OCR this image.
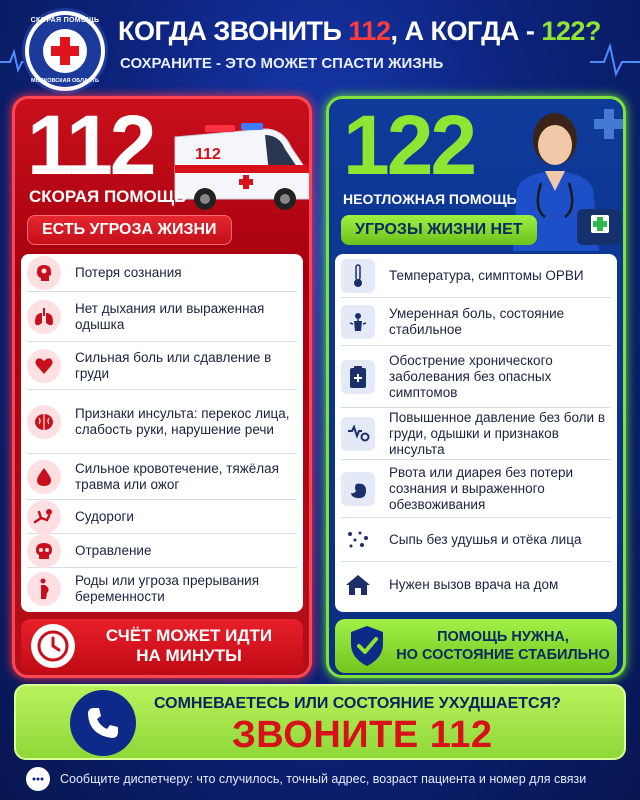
СКОРАЯ ПОМОЩЬ
МОСКОВСКАЯ ОБЛАСТЬ
КОГДА ЗВОНИТЬ 112, А КОГДА - 122?
СОХРАНИТЕ - ЭТО МОЖЕТ СПАСТИ ЖИЗНЬ
112	112
СКОРАЯ ПОМОЩЬ
ЕСТЬ УГРОЗА ЖИЗНИ
Потеря сознания
Нет дыхания или выраженная одышка
Сильная боль или сдавление в груди
Признаки инсульта: перекос лица, слабость руки, нарушение речи
Сильное кровотечение, тяжёлая травма или ожог
Судороги
Отравление
Роды или угроза прерывания беременности
СЧЁТ МОЖЕТ ИДТИ
НА МИНУТЫ
122
НЕОТЛОЖНАЯ ПОМОЩЬ
УГРОЗЫ ЖИЗНИ НЕТ
Температура, симптомы ОРВИ
Умеренная боль, состояние стабильное
Обострение хронического заболевания без опасных симптомов
Повышенное давление без боли в груди, одышки и признаков инсульта
Рвота или диарея без потери сознания и выраженного обезвоживания
Сыпь без удушья и отёка лица
Нужен вызов врача на дом
ПОМОЩЬ НУЖНА,
НО СОСТОЯНИЕ СТАБИЛЬНО
СОМНЕВАЕТЕСЬ ИЛИ СОСТОЯНИЕ УХУДШАЕТСЯ?
ЗВОНИТЕ 112
Сообщите диспетчеру: что случилось, точный адрес, возраст пациента и номер для связи
